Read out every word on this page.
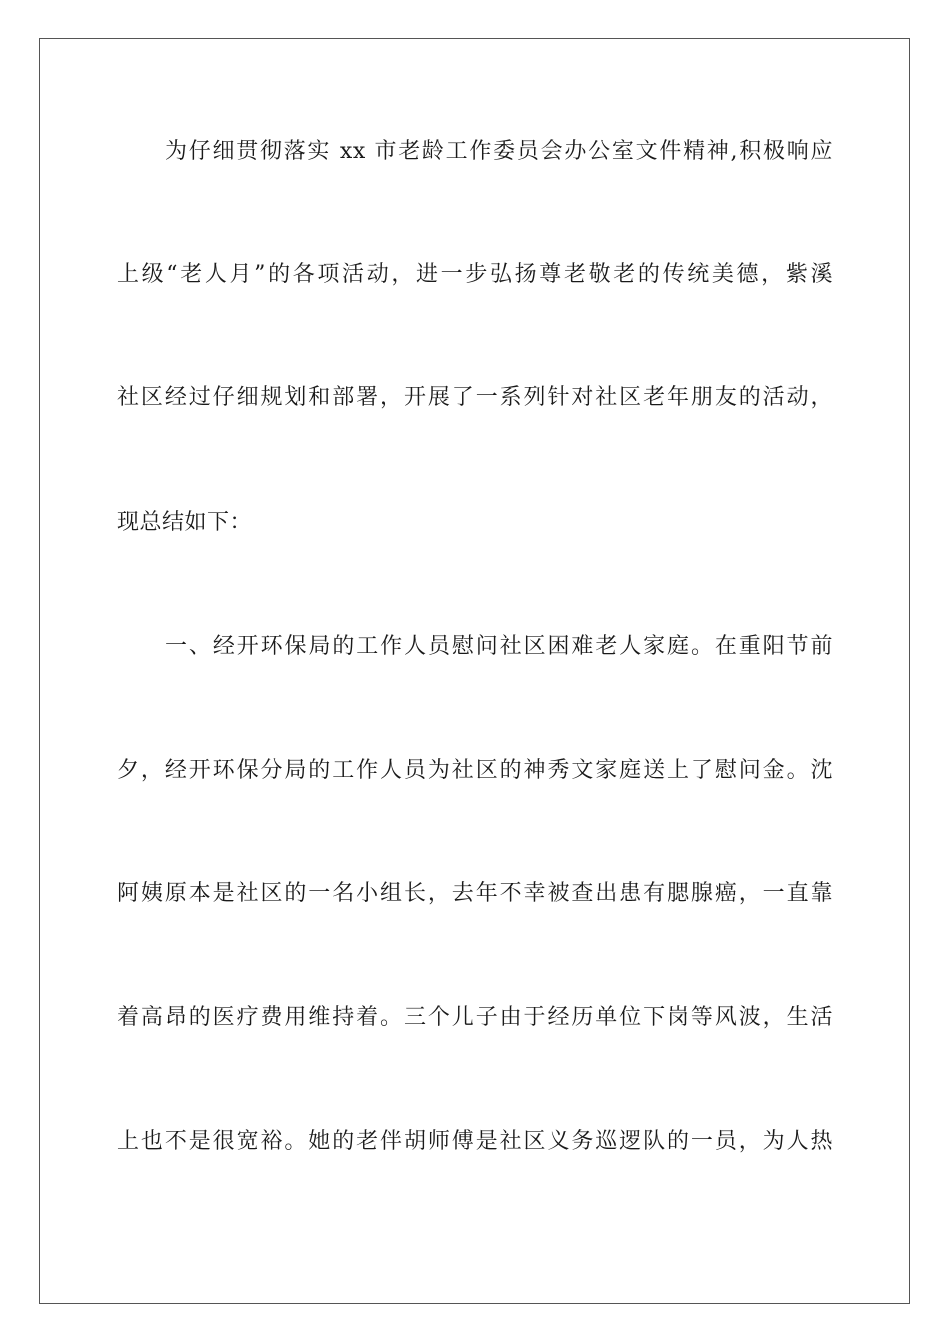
为仔细贯彻落实 xx 市老龄工作委员会办公室文件精神,积极响应
上级“老人月”的各项活动，进一步弘扬尊老敬老的传统美德，紫溪
社区经过仔细规划和部署，开展了一系列针对社区老年朋友的活动，
现总结如下：
一、经开环保局的工作人员慰问社区困难老人家庭。在重阳节前
夕，经开环保分局的工作人员为社区的神秀文家庭送上了慰问金。沈
阿姨原本是社区的一名小组长，去年不幸被查出患有腮腺癌，一直靠
着高昂的医疗费用维持着。三个儿子由于经历单位下岗等风波，生活
上也不是很宽裕。她的老伴胡师傅是社区义务巡逻队的一员，为人热
